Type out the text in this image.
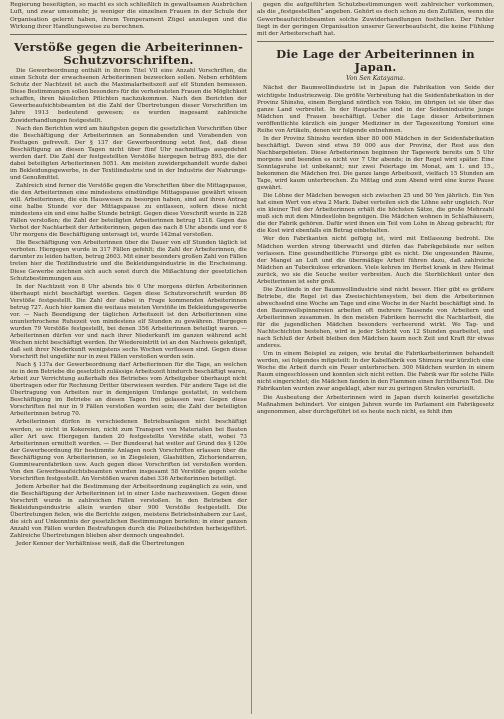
Regierung beseitigten, so macht es sich schließlich in gewaltsamen Ausbrüchen Luft, und zwar umsomehr, je weniger die einzelnen Frauen in der Schule der Organisation gelernt haben, ihrem Temperament Zügel anzulegen und die Wirkung ihrer Handlungsweise zu berechnen.

Verstöße gegen die Arbeiterinnen-
Schutzvorschriften.

Die Gewerbeordnung enthält in ihrem Titel VII eine Anzahl Vorschriften, die einen Schutz der erwachsenen Arbeiterinnen bezwecken sollen. Neben erhöhtem Schutz der Nachtzeit ist auch die Maximalarbeitszeit auf elf Stunden bemessen. Diese Bestimmungen sollen besonders für die verheirateten Frauen die Möglichkeit schaffen, ihren häuslichen Pflichten nachzukommen. Nach den Berichten der Gewerbeaufsichtsbeamten ist die Zahl der Übertretungen dieser Vorschriften im Jahre 1913 bedeutend gewesen; es wurden insgesamt zahlreiche Zuwiderhandlungen festgestellt.

Nach den Berichten wird am häufigsten gegen die gesetzlichen Vorschriften über die Beschäftigung der Arbeiterinnen an Sonnabenden und Vorabenden von Festtagen gefrevelt. Der § 137 der Gewerbeordnung setzt fest, daß diese Beschäftigung an diesen Tagen nicht über fünf Uhr nachmittags ausgedehnt werden darf. Die Zahl der festgestellten Verstöße hiergegen betrug 893, die der dabei beteiligten Arbeiterinnen 5051. Am meisten zuwidergehandelt wurde dabei im Bekleidungsgewerbe, in der Textilindustrie und in der Industrie der Nahrungs- und Genußmittel.

Zahlreich sind ferner die Verstöße gegen die Vorschriften über die Mittagspause, die den Arbeiterinnen eine mindestens einstündige Mittagspause gewährt wissen will. Arbeiterinnen, die ein Hauswesen zu besorgen haben, sind auf ihren Antrag eine halbe Stunde vor der Mittagspause zu entlassen, sofern diese nicht mindestens ein und eine halbe Stunde beträgt. Gegen diese Vorschrift wurde in 228 Fällen verstoßen; die Zahl der beteiligten Arbeiterinnen betrug 1218. Gegen das Verbot der Nachtarbeit der Arbeiterinnen, gegen das nach 8 Uhr abends und vor 6 Uhr morgens die Beschäftigung untersagt ist, wurde 142mal verstoßen.

Die Beschäftigung von Arbeiterinnen über die Dauer von elf Stunden täglich ist verboten. Hiergegen wurde in 317 Fällen gefehlt; die Zahl der Arbeiterinnen, die darunter zu leiden hatten, betrug 2603. Mit einer besonders großen Zahl von Fällen treten hier die Textilindustrie und die Bekleidungsindustrie in die Erscheinung. Diese Gewerbe zeichnen sich auch sonst durch die Mißachtung der gesetzlichen Schutzbestimmungen aus.

In der Nachtzeit von 8 Uhr abends bis 6 Uhr morgens dürfen Arbeiterinnen überhaupt nicht beschäftigt werden. Gegen diese Schutzvorschrift wurden 86 Verstöße festgestellt. Die Zahl der dabei in Frage kommenden Arbeiterinnen betrug 727. Auch hier kamen die weitaus meisten Verstöße im Bekleidungsgewerbe vor. — Nach Beendigung der täglichen Arbeitszeit ist den Arbeiterinnen eine ununterbrochene Ruhezeit von mindestens elf Stunden zu gewähren. Hiergegen wurden 79 Verstöße festgestellt, bei denen 356 Arbeiterinnen beteiligt waren. — Arbeiterinnen dürfen vor und nach ihrer Niederkunft im ganzen während acht Wochen nicht beschäftigt werden. Ihr Wiedereintritt ist an den Nachweis geknüpft, daß seit ihrer Niederkunft wenigstens sechs Wochen verflossen sind. Gegen diese Vorschrift fiel ungefähr nur in zwei Fällen verstoßen worden sein.

Nach § 137a der Gewerbeordnung darf Arbeiterinnen für die Tage, an welchen sie in dem Betriebe die gesetzlich zulässige Arbeitszeit hindurch beschäftigt waren, Arbeit zur Verrichtung außerhalb des Betriebes vom Arbeitgeber überhaupt nicht übertragen oder für Rechnung Dritter überwiesen werden. Für andere Tage ist die Übertragung von Arbeiten nur in demjenigen Umfange gestattet, in welchem Beschäftigung im Betriebe an diesen Tagen frei gelassen war. Gegen diese Vorschriften fiel nur in 9 Fällen verstoßen worden sein; die Zahl der beteiligten Arbeiterinnen betrug 70.

Arbeiterinnen dürfen in verschiedenen Betriebsanlagen nicht beschäftigt werden, so nicht in Kokereien, nicht zum Transport von Materialien bei Bauten aller Art usw. Hiergegen fanden 20 festgestellte Verstöße statt, wobei 73 Arbeiterinnen ermittelt wurden. — Der Bundesrat hat weiter auf Grund des § 120e der Gewerbeordnung für bestimmte Anlagen noch Vorschriften erlassen über die Beschäftigung von Arbeiterinnen, so in Ziegeleien, Glashütten, Zichoriendarren, Gummiwarenfabriken usw. Auch gegen diese Vorschriften ist verstoßen worden. Von den Gewerbeaufsichtsbeamten wurden insgesamt 58 Verstöße gegen solche Vorschriften festgestellt. An Verstößen waren dabei 336 Arbeiterinnen beteiligt.

Jedem Arbeiter hat die Bestimmung der Arbeitsordnung zugänglich zu sein, und die Beschäftigung der Arbeiterinnen ist in einer Liste nachzuweisen. Gegen diese Vorschrift wurde in zahlreichen Fällen verstoßen. In den Betrieben der Bekleidungsindustrie allein wurden über 900 Verstöße festgestellt. Die Übertretungen fielen, wie die Berichte zeigen, meistens Betriebsinhabern zur Last, die sich auf Unkenntnis der gesetzlichen Bestimmungen beriefen; in einer ganzen Anzahl von Fällen wurden Bestrafungen durch die Polizeibehörden herbeigeführt. Zahlreiche Übertretungen blieben aber dennoch ungeahndet.

Jeder Kenner der Verhältnisse weiß, daß die Übertretungen

gegen die aufgeführten Schutzbestimmungen weit zahlreicher vorkommen, als die „festgestellten“ angeben. Gehört es doch schon zu den Zufällen, wenn die Gewerbeaufsichtsbeamten solche Zuwiderhandlungen festhellen. Der Fehler liegt in der geringen Organisation unserer Gewerbeaufsicht, die keine Fühlung mit der Arbeiterschaft hat.

Die Lage der Arbeiterinnen in Japan.
Von Sen Katayama.

Nächst der Baumwollindustrie ist in Japan die Fabrikation von Seide der wichtigste Industriezweig. Die größte Verbreitung hat die Seidenfabrikation in der Provinz Shinshu, einem Bergland nördlich von Tokio, im übrigen ist sie über das ganze Land verbreitet. In der Hauptsache sind in der Seidenindustrie junge Mädchen und Frauen beschäftigt. Ueber die Lage dieser Arbeiterinnen veröffentlichte kürzlich ein junger Mediziner in der Tageszeitung Yomiuri eine Reihe von Artikeln, denen wir folgende entnehmen.

In der Provinz Shinshu werden über 80 000 Mädchen in der Seidenfabrikation beschäftigt. Davon sind etwa 59 000 aus der Provinz, der Rest aus den Nachbargebieten. Diese Arbeiterinnen beginnen ihr Tagewerk bereits um 5 Uhr morgens und beenden es nicht vor 7 Uhr abends; in der Regel wird später. Eine Sonntagsruhe ist unbekannt; nur zwei Feiertage im Monat, am 1. und 15., bekommen die Mädchen frei. Die ganze lange Arbeitszeit, vielfach 15 Stunden am Tage, wird kaum unterbrochen. Zu Mittag und zum Abend wird eine kurze Pause gewährt.

Die Löhne der Mädchen bewegen sich zwischen 25 und 50 Yen jährlich. Ein Yen hat einen Wert von etwa 2 Mark. Dabei verteilen sich die Löhne sehr ungleich. Nur ein kleiner Teil der Arbeiterinnen erhält die höchsten Sätze, die große Mehrzahl muß sich mit dem Mindestlohn begnügen. Die Mädchen wohnen in Schlafhäusern, die der Fabrik gehören. Dafür wird ihnen ein Teil vom Lohn in Abzug gebracht; für die Kost wird ebenfalls ein Betrag einbehalten.

Wer den Fabrikanten nicht gefügig ist, wird mit Entlassung bedroht. Die Mädchen werden streng überwacht und dürfen das Fabrikgebäude nur selten verlassen. Eine gesundheitliche Fürsorge gibt es nicht. Die ungesunden Räume, der Mangel an Luft und die übermäßige Arbeit führen dazu, daß zahlreiche Mädchen an Tuberkulose erkranken. Viele kehren im Herbst krank in ihre Heimat zurück, wo sie die Seuche weiter verbreiten. Auch die Sterblichkeit unter den Arbeiterinnen ist sehr groß.

Die Zustände in der Baumwollindustrie sind nicht besser. Hier gibt es größere Betriebe, die Regel ist das Zweischichtensystem, bei dem die Arbeiterinnen abwechselnd eine Woche am Tage und eine Woche in der Nacht beschäftigt sind. In den Baumwollspinnereien arbeiten oft mehrere Tausende von Arbeitern und Arbeiterinnen zusammen. In den meisten Fabriken herrscht die Nachtarbeit, die für die jugendlichen Mädchen besonders verheerend wirkt. Wo Tag- und Nachtschichten bestehen, wird in jeder Schicht von 12 Stunden gearbeitet, und nach Schluß der Arbeit bleiben den Mädchen kaum noch Zeit und Kraft für etwas anderes.

Um in einem Beispiel zu zeigen, wie brutal die Fabrikarbeiterinnen behandelt werden, sei folgendes mitgeteilt: In der Kabelfabrik von Shimura war kürzlich eine Woche die Arbeit durch ein Feuer unterbrochen. 300 Mädchen wurden in einem Raum eingeschlossen und konnten sich nicht retten. Die Fabrik war für solche Fälle nicht eingerichtet; die Mädchen fanden in den Flammen einen furchtbaren Tod. Die Fabrikanten wurden zwar angeklagt, aber nur zu geringen Strafen verurteilt.

Die Ausbeutung der Arbeiterinnen wird in Japan durch keinerlei gesetzliche Maßnahmen behindert. Vor einigen Jahren wurde im Parlament ein Fabrikgesetz angenommen, aber durchgeführt ist es heute noch nicht, es fehlt ihm
